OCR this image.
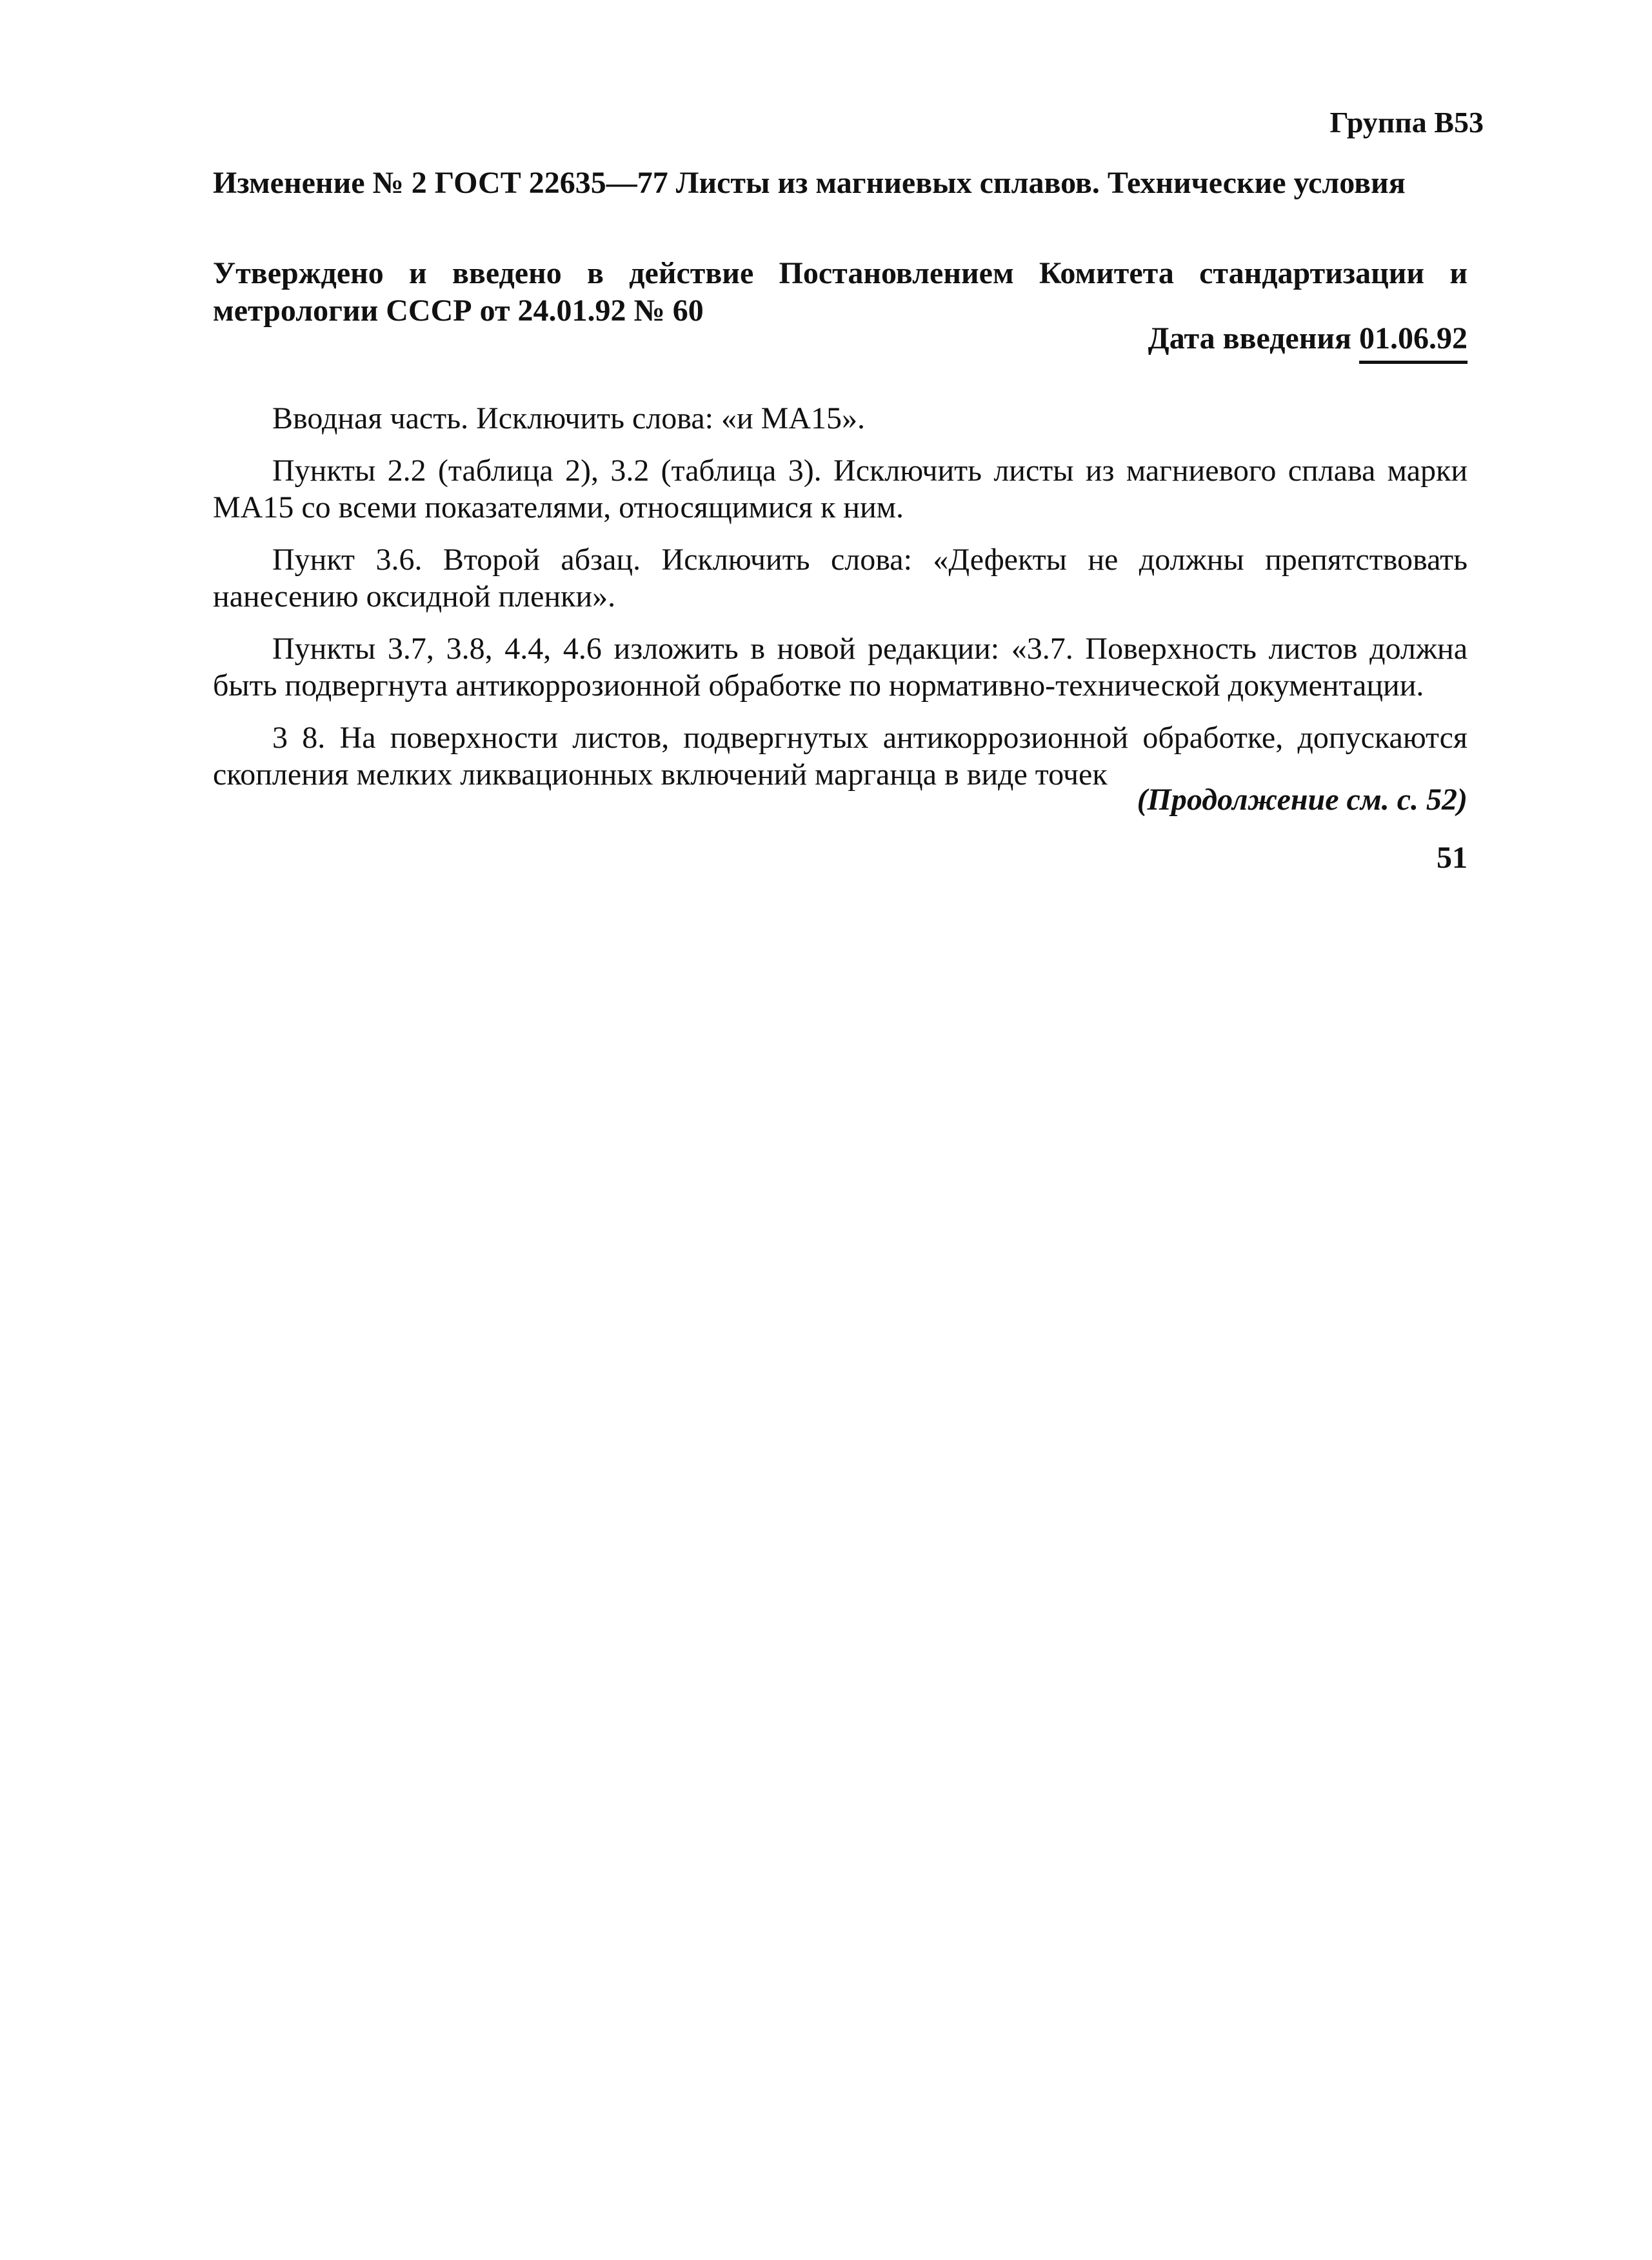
Группа В53

Изменение № 2 ГОСТ 22635—77 Листы из магниевых сплавов. Технические условия

Утверждено и введено в действие Постановлением Комитета стандартизации и метрологии СССР от 24.01.92 № 60

Дата введения 01.06.92

Вводная часть. Исключить слова: «и МА15».

Пункты 2.2 (таблица 2), 3.2 (таблица 3). Исключить листы из магниевого сплава марки МА15 со всеми показателями, относящимися к ним.

Пункт 3.6. Второй абзац. Исключить слова: «Дефекты не должны препятствовать нанесению оксидной пленки».

Пункты 3.7, 3.8, 4.4, 4.6 изложить в новой редакции: «3.7. Поверхность листов должна быть подвергнута антикоррозионной обработке по нормативно-технической документации.

3 8. На поверхности листов, подвергнутых антикоррозионной обработке, допускаются скопления мелких ликвационных включений марганца в виде точек

(Продолжение см. с. 52)
51
